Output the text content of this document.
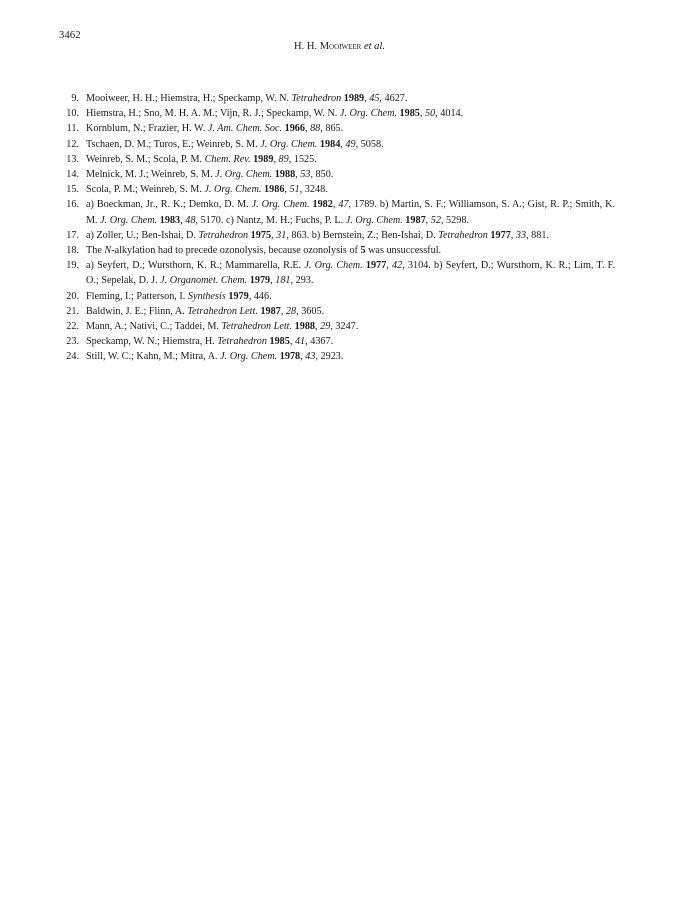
3462
H. H. Mooiweer et al.
9. Mooiweer, H. H.; Hiemstra, H.; Speckamp, W. N. Tetrahedron 1989, 45, 4627.
10. Hiemstra, H.; Sno, M. H. A. M.; Vijn, R. J.; Speckamp, W. N. J. Org. Chem. 1985, 50, 4014.
11. Kornblum, N.; Frazier, H. W. J. Am. Chem. Soc. 1966, 88, 865.
12. Tschaen, D. M.; Turos, E.; Weinreb, S. M. J. Org. Chem. 1984, 49, 5058.
13. Weinreb, S. M.; Scola, P. M. Chem. Rev. 1989, 89, 1525.
14. Melnick, M. J.; Weinreb, S. M. J. Org. Chem. 1988, 53, 850.
15. Scola, P. M.; Weinreb, S. M. J. Org. Chem. 1986, 51, 3248.
16. a) Boeckman, Jr., R. K.; Demko, D. M. J. Org. Chem. 1982, 47, 1789. b) Martin, S. F.; Williamson, S. A.; Gist, R. P.; Smith, K. M. J. Org. Chem. 1983, 48, 5170. c) Nantz, M. H.; Fuchs, P. L. J. Org. Chem. 1987, 52, 5298.
17. a) Zoller, U.; Ben-Ishai, D. Tetrahedron 1975, 31, 863. b) Bernstein, Z.; Ben-Ishai, D. Tetrahedron 1977, 33, 881.
18. The N-alkylation had to precede ozonolysis, because ozonolysis of 5 was unsuccessful.
19. a) Seyfert, D.; Wursthorn, K. R.; Mammarella, R.E. J. Org. Chem. 1977, 42, 3104. b) Seyfert, D.; Wursthorn, K. R.; Lim, T. F. O.; Sepelak, D. J. J. Organomet. Chem. 1979, 181, 293.
20. Fleming, I.; Patterson, I. Synthesis 1979, 446.
21. Baldwin, J. E.; Flinn, A. Tetrahedron Lett. 1987, 28, 3605.
22. Mann, A.; Nativi, C.; Taddei, M. Tetrahedron Lett. 1988, 29, 3247.
23. Speckamp, W. N.; Hiemstra, H. Tetrahedron 1985, 41, 4367.
24. Still, W. C.; Kahn, M.; Mitra, A. J. Org. Chem. 1978, 43, 2923.
